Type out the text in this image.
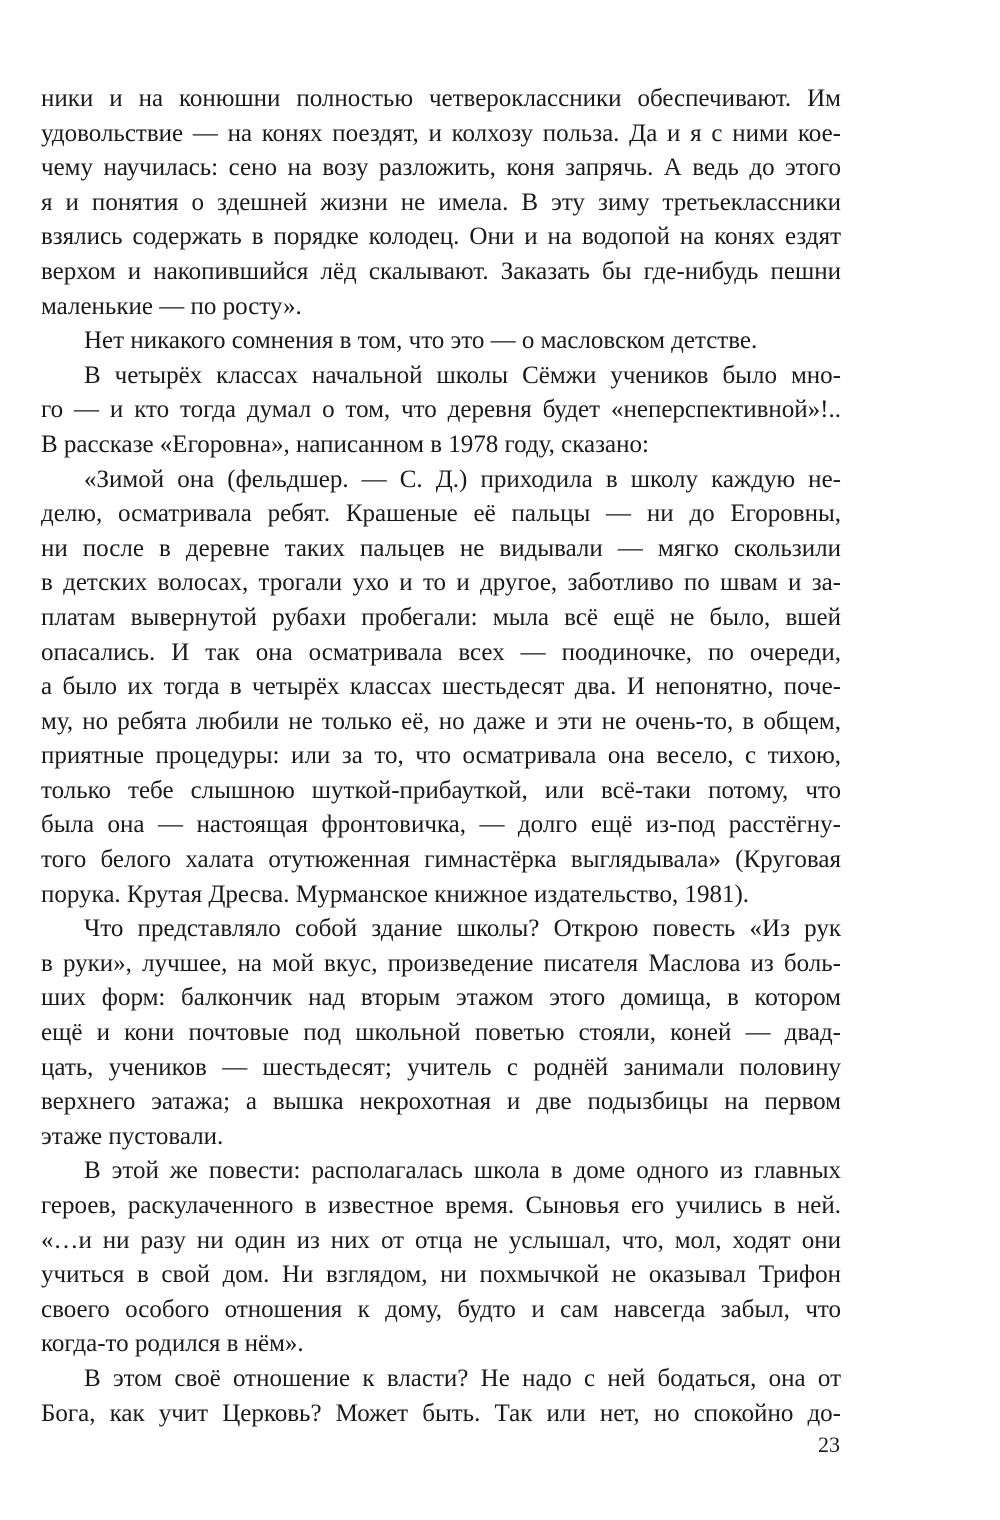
ники и на конюшни полностью четвероклассники обеспечивают. Им
удовольствие — на конях поездят, и колхозу польза. Да и я с ними кое-
чему научилась: сено на возу разложить, коня запрячь. А ведь до этого
я и понятия о здешней жизни не имела. В эту зиму третьеклассники
взялись содержать в порядке колодец. Они и на водопой на конях ездят
верхом и накопившийся лёд скалывают. Заказать бы где-нибудь пешни
маленькие — по росту».
Нет никакого сомнения в том, что это — о масловском детстве.
В четырёх классах начальной школы Сёмжи учеников было мно-
го — и кто тогда думал о том, что деревня будет «неперспективной»!..
В рассказе «Егоровна», написанном в 1978 году, сказано:
«Зимой она (фельдшер. — С. Д.) приходила в школу каждую не-
делю, осматривала ребят. Крашеные её пальцы — ни до Егоровны,
ни после в деревне таких пальцев не видывали — мягко скользили
в детских волосах, трогали ухо и то и другое, заботливо по швам и за-
платам вывернутой рубахи пробегали: мыла всё ещё не было, вшей
опасались. И так она осматривала всех — поодиночке, по очереди,
а было их тогда в четырёх классах шестьдесят два. И непонятно, поче-
му, но ребята любили не только её, но даже и эти не очень-то, в общем,
приятные процедуры: или за то, что осматривала она весело, с тихою,
только тебе слышною шуткой-прибауткой, или всё-таки потому, что
была она — настоящая фронтовичка, — долго ещё из-под расстёгну-
того белого халата отутюженная гимнастёрка выглядывала» (Круговая
порука. Крутая Дресва. Мурманское книжное издательство, 1981).
Что представляло собой здание школы? Открою повесть «Из рук
в руки», лучшее, на мой вкус, произведение писателя Маслова из боль-
ших форм: балкончик над вторым этажом этого домища, в котором
ещё и кони почтовые под школьной поветью стояли, коней — двад-
цать, учеников — шестьдесят; учитель с роднёй занимали половину
верхнего эатажа; а вышка некрохотная и две подызбицы на первом
этаже пустовали.
В этой же повести: располагалась школа в доме одного из главных
героев, раскулаченного в известное время. Сыновья его учились в ней.
«…и ни разу ни один из них от отца не услышал, что, мол, ходят они
учиться в свой дом. Ни взглядом, ни похмычкой не оказывал Трифон
своего особого отношения к дому, будто и сам навсегда забыл, что
когда-то родился в нём».
В этом своё отношение к власти? Не надо с ней бодаться, она от
Бога, как учит Церковь? Может быть. Так или нет, но спокойно до-
23
